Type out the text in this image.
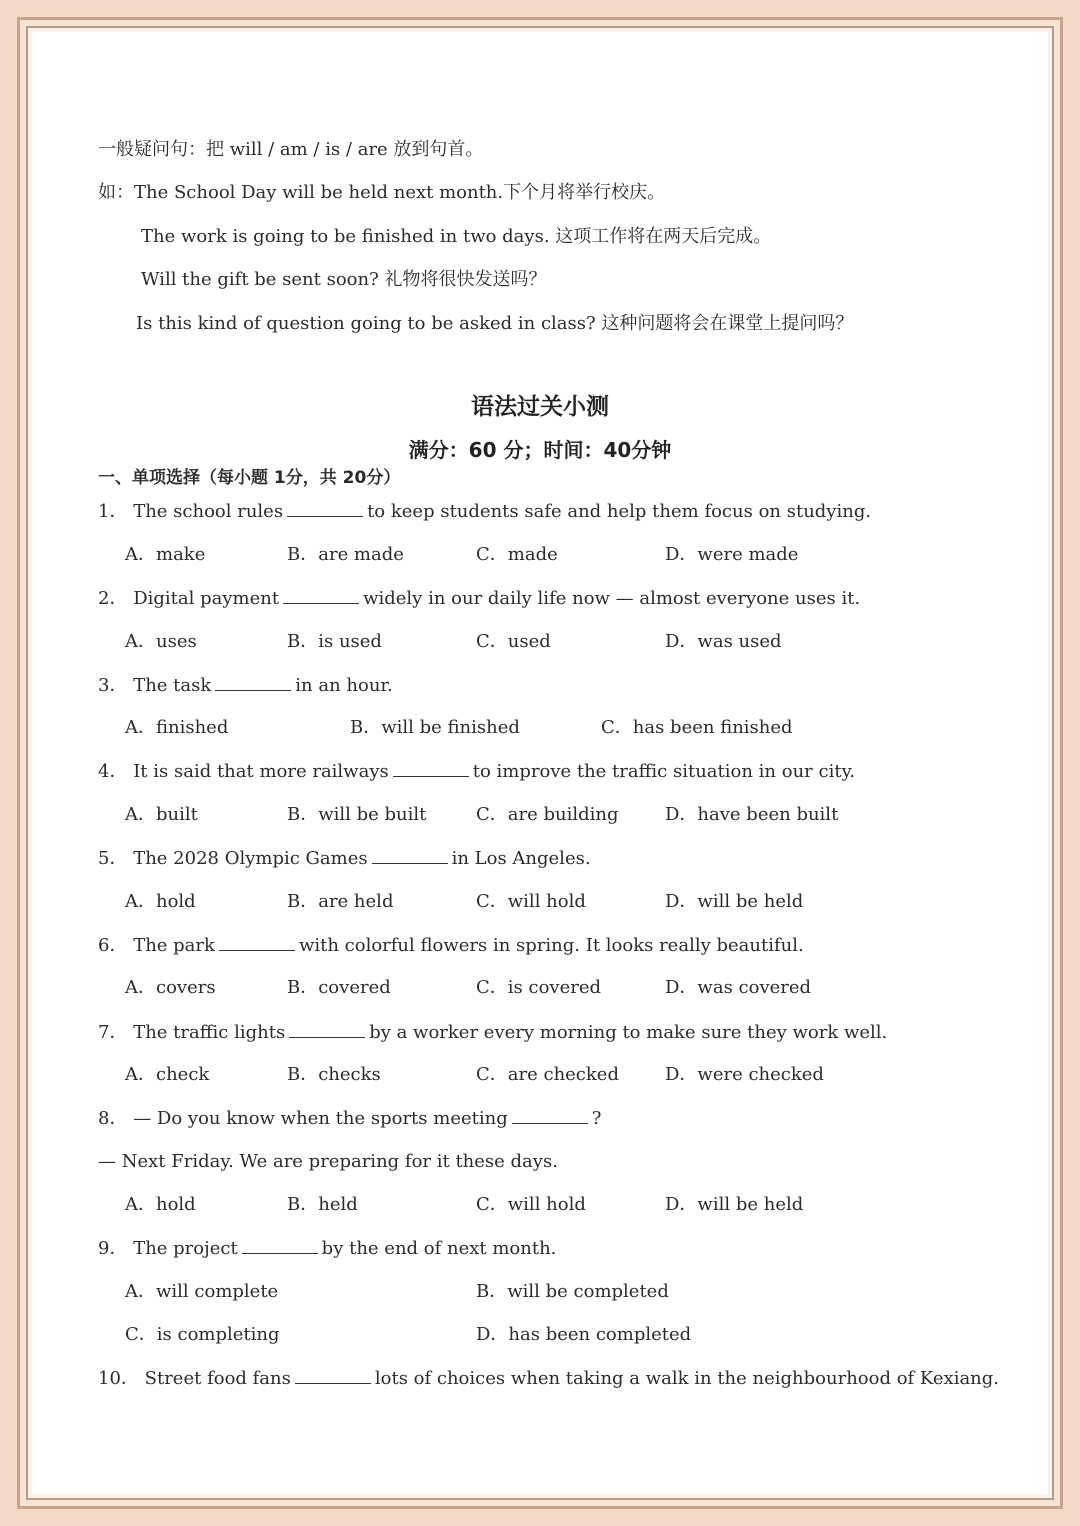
一般疑问句：把 will / am / is / are 放到句首。
如：The School Day will be held next month.下个月将举行校庆。
The work is going to be finished in two days. 这项工作将在两天后完成。
Will the gift be sent soon? 礼物将很快发送吗？
Is this kind of question going to be asked in class? 这种问题将会在课堂上提问吗？
语法过关小测
满分：60 分；时间：40分钟
一、单项选择（每小题 1分，共 20分）
1． The school rules	to keep students safe and help them focus on studying.
A．make	B．are made	C．made	D．were made
2． Digital payment	widely in our daily life now — almost everyone uses it.
A．uses	B．is used	C．used	D．was used
3． The task	in an hour.
A．finished	B．will be finished	C．has been finished
4． It is said that more railways	to improve the traffic situation in our city.
A．built	B．will be built	C．are building	D．have been built
5． The 2028 Olympic Games	in Los Angeles.
A．hold	B．are held	C．will hold	D．will be held
6． The park	with colorful flowers in spring. It looks really beautiful.
A．covers	B．covered	C．is covered	D．was covered
7． The traffic lights	by a worker every morning to make sure they work well.
A．check	B．checks	C．are checked	D．were checked
8． — Do you know when the sports meeting	?
— Next Friday. We are preparing for it these days.
A．hold	B．held	C．will hold	D．will be held
9． The project	by the end of next month.
A．will complete	B．will be completed
C．is completing	D．has been completed
10． Street food fans	lots of choices when taking a walk in the neighbourhood of Kexiang.
